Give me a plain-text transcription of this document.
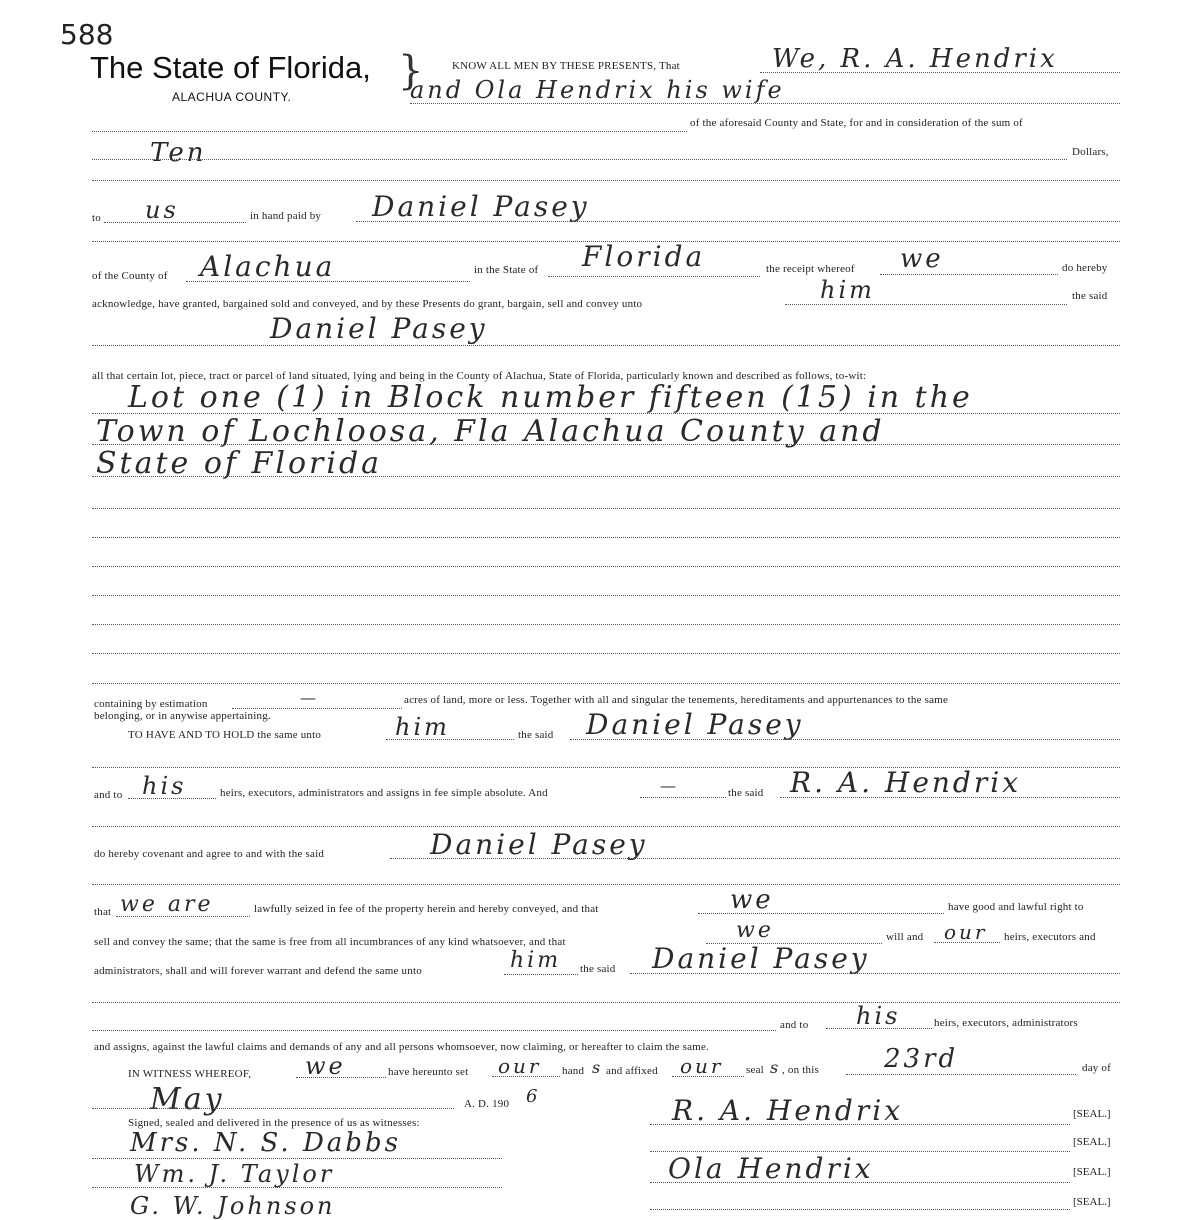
588
The State of Florida,
ALACHUA COUNTY.
}	KNOW ALL MEN BY THESE PRESENTS, That	We, R. A. Hendrix
and Ola Hendrix his wife
of the aforesaid County and State, for and in consideration of the sum of
Ten	Dollars,
to us	in hand paid by Daniel Pasey
of the County of Alachua	in the State of Florida	the receipt whereof we	do hereby
acknowledge, have granted, bargained sold and conveyed, and by these Presents do grant, bargain, sell and convey unto	him	the said
Daniel Pasey
all that certain lot, piece, tract or parcel of land situated, lying and being in the County of Alachua, State of Florida, particularly known and described as follows, to-wit:
Lot one (1) in Block number fifteen (15) in the
Town of Lochloosa, Fla Alachua County and
State of Florida
containing by estimation	—	acres of land, more or less. Together with all and singular the tenements, hereditaments and appurtenances to the same
belonging, or in anywise appertaining.
TO HAVE AND TO HOLD the same unto	him	the said Daniel Pasey
and to his	heirs, executors, administrators and assigns in fee simple absolute. And	—	the said R. A. Hendrix
do hereby covenant and agree to and with the said	Daniel Pasey
that we are	lawfully seized in fee of the property herein and hereby conveyed, and that	we	have good and lawful right to
sell and convey the same; that the same is free from all incumbrances of any kind whatsoever, and that	we	will and our heirs, executors and
administrators, shall and will forever warrant and defend the same unto	him the said Daniel Pasey
and to his	heirs, executors, administrators
and assigns, against the lawful claims and demands of any and all persons whomsoever, now claiming, or hereafter to claim the same.
IN WITNESS WHEREOF, we	have hereunto set our hand s and affixed our seal s , on this	23rd	day of
May	A. D. 190 6
Signed, sealed and delivered in the presence of us as witnesses:
Mrs. N. S. Dabbs
Wm. J. Taylor
G. W. Johnson
R. A. Hendrix	[SEAL.]
[SEAL.]
Ola Hendrix	[SEAL.]
[SEAL.]
